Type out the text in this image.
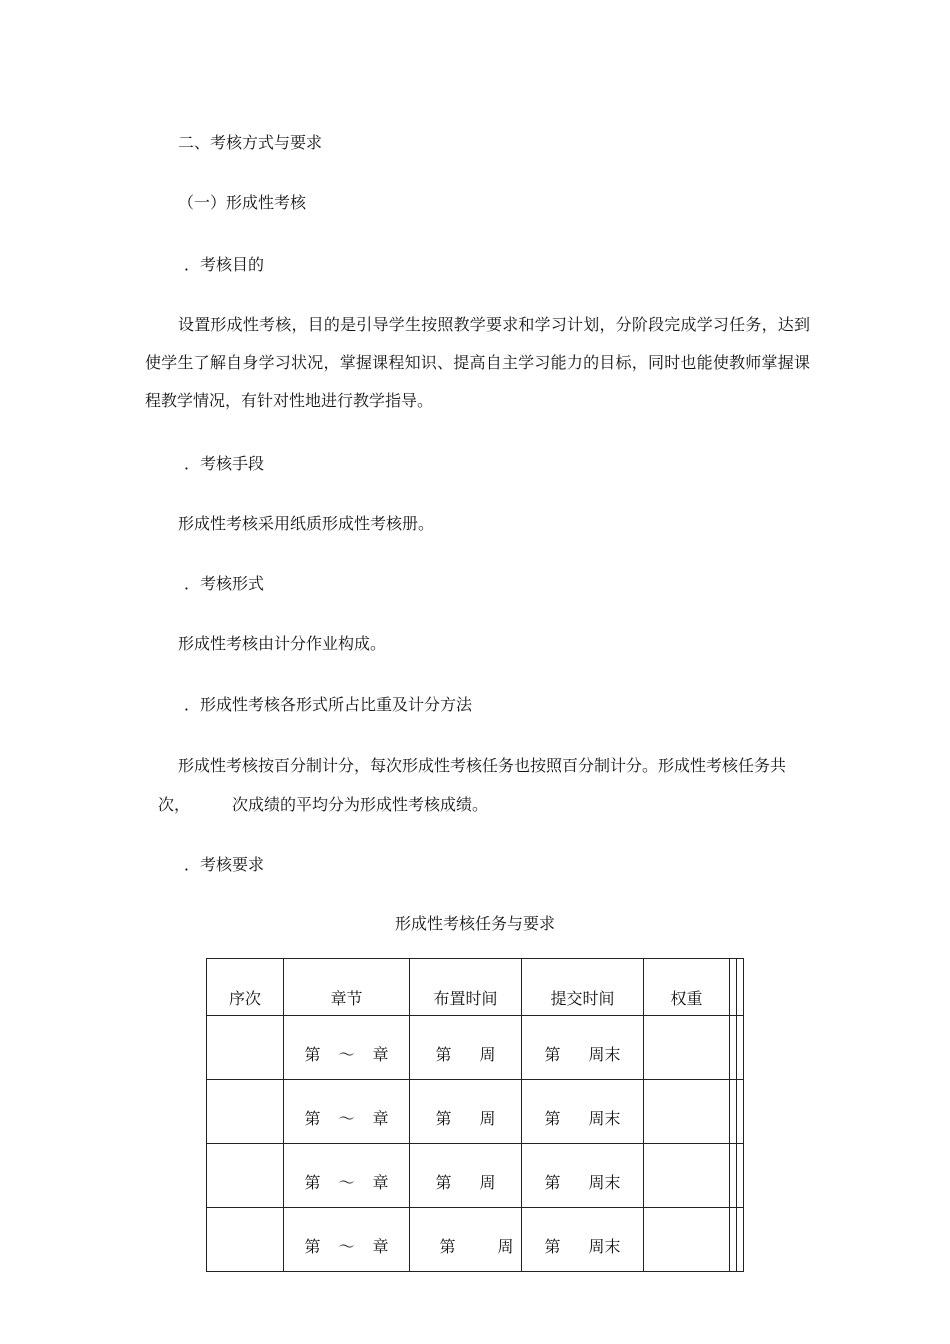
二、考核方式与要求
（一）形成性考核
．考核目的
设置形成性考核，目的是引导学生按照教学要求和学习计划，分阶段完成学习任务，达到使学生了解自身学习状况，掌握课程知识、提高自主学习能力的目标，同时也能使教师掌握课程教学情况，有针对性地进行教学指导。
．考核手段
形成性考核采用纸质形成性考核册。
．考核形式
形成性考核由计分作业构成。
．形成性考核各形式所占比重及计分方法
形成性考核按百分制计分，每次形成性考核任务也按照百分制计分。形成性考核任务共
次，	次成绩的平均分为形成性考核成绩。
．考核要求
形成性考核任务与要求
序次	章节	布置时间	提交时间	权重		
	第 ～ 章	第 周	第 周末			
	第 ～ 章	第 周	第 周末			
	第 ～ 章	第 周	第 周末			
	第 ～ 章	第 周	第 周末			
